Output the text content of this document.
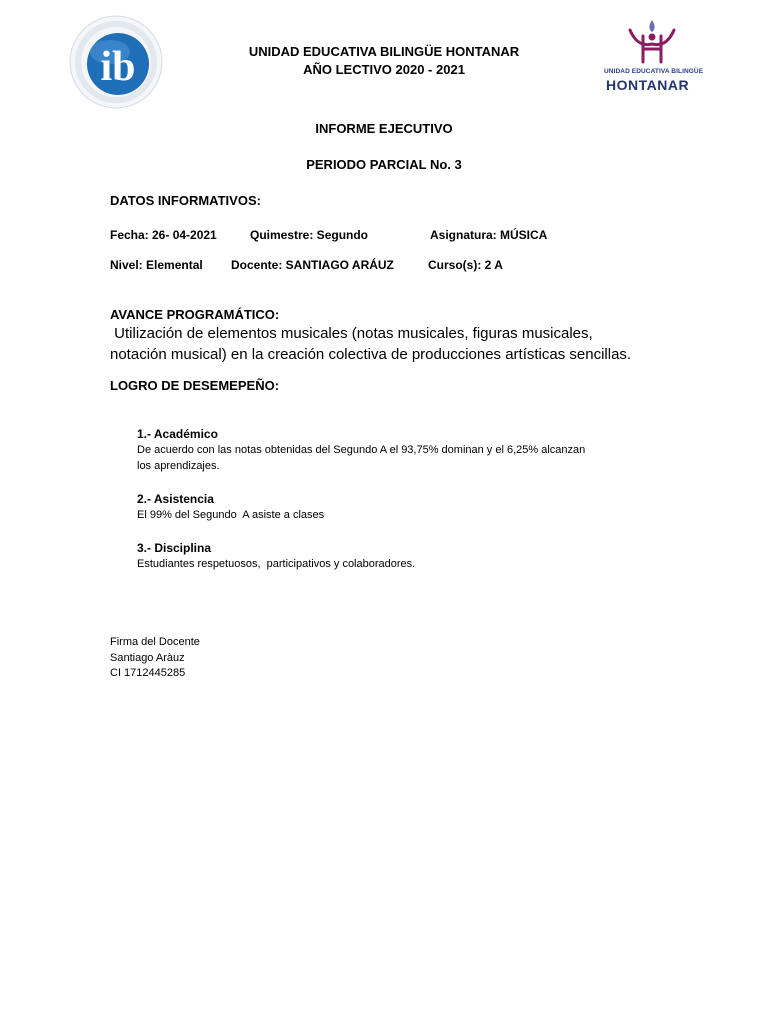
ib	UNIDAD EDUCATIVA BILINGÜE HONTANAR
AÑO LECTIVO 2020 - 2021	UNIDAD EDUCATIVA BILINGÜE
HONTANAR
INFORME EJECUTIVO
PERIODO PARCIAL No. 3
DATOS INFORMATIVOS:
Fecha: 26- 04-2021	Quimestre: Segundo	Asignatura: MÚSICA
Nivel: Elemental Docente: SANTIAGO ARÁUZ	Curso(s): 2 A
AVANCE PROGRAMÁTICO:
Utilización de elementos musicales (notas musicales, figuras musicales,
notación musical) en la creación colectiva de producciones artísticas sencillas.
LOGRO DE DESEMEPEÑO:
1.- Académico
De acuerdo con las notas obtenidas del Segundo A el 93,75% dominan y el 6,25% alcanzan
los aprendizajes.
2.- Asistencia
El 99% del Segundo  A asiste a clases
3.- Disciplina
Estudiantes respetuosos,  participativos y colaboradores.
Firma del Docente
Santiago Aràuz
CI 1712445285
